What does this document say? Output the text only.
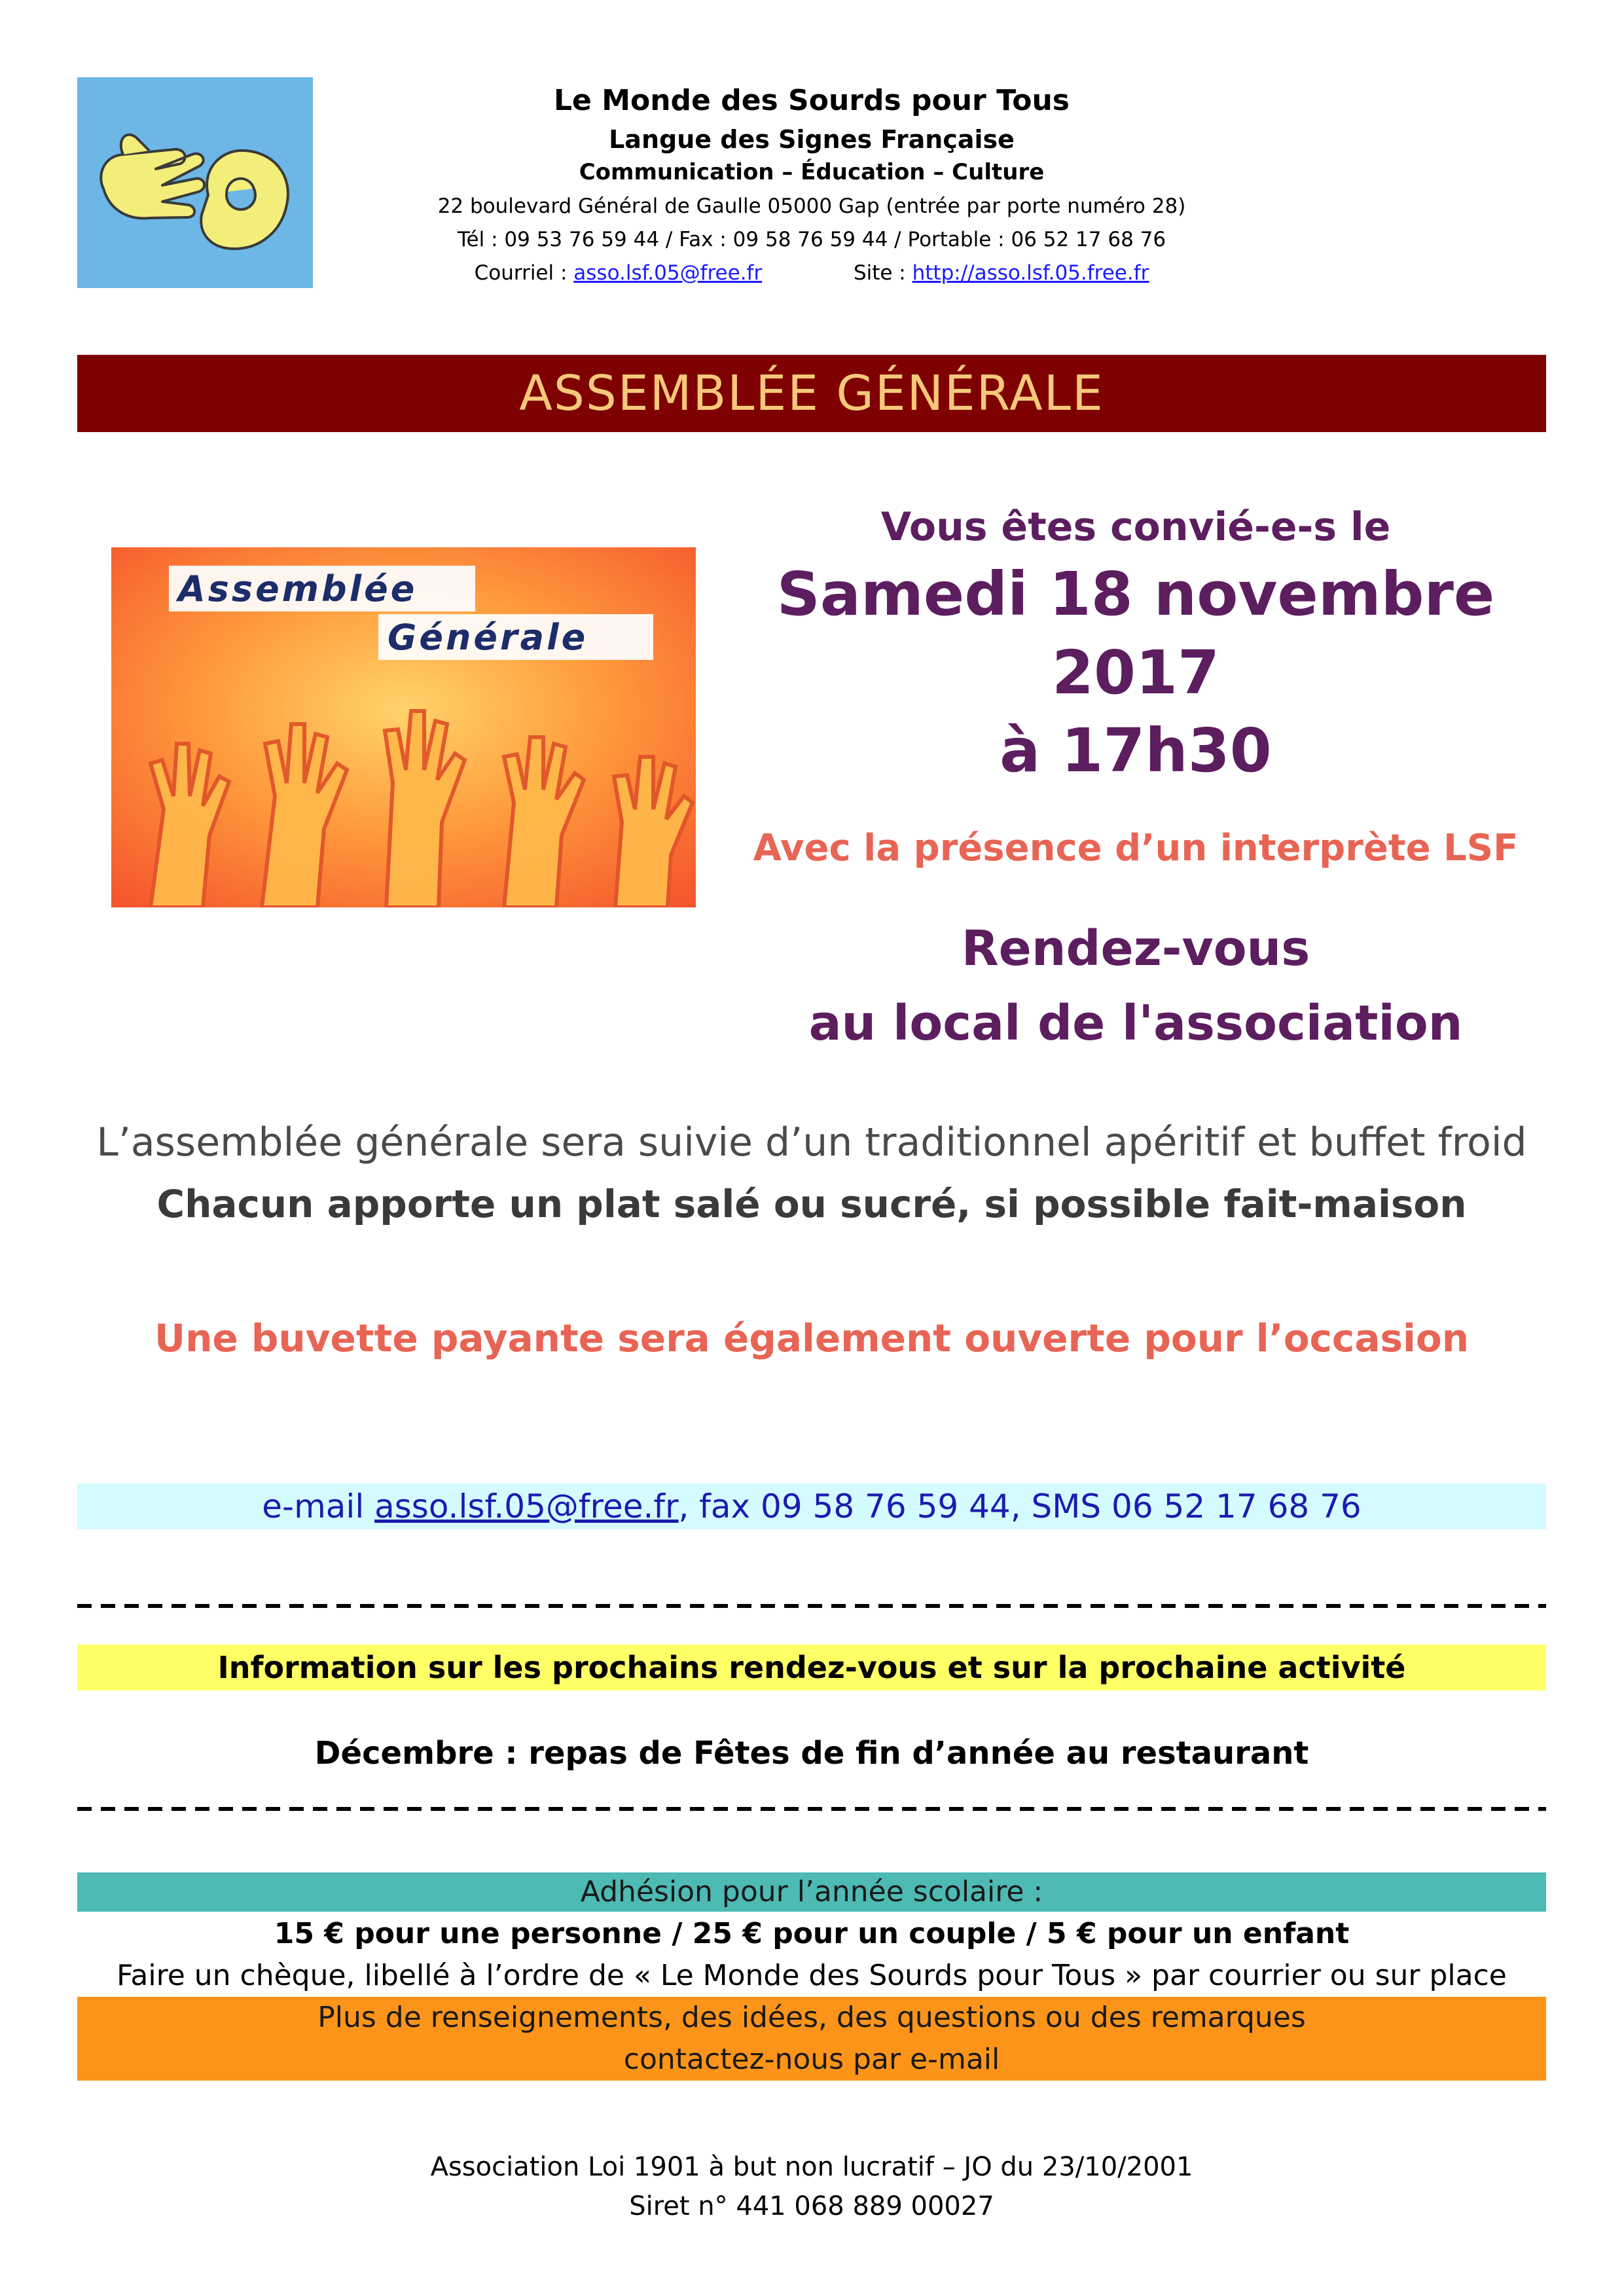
Le Monde des Sourds pour Tous
Langue des Signes Française
Communication – Éducation – Culture
22 boulevard Général de Gaulle 05000 Gap (entrée par porte numéro 28)
Tél : 09 53 76 59 44 / Fax : 09 58 76 59 44 / Portable : 06 52 17 68 76
Courriel : asso.lsf.05@free.fr	Site : http://asso.lsf.05.free.fr
ASSEMBLÉE GÉNÉRALE
Assemblée
Générale
Vous êtes convié-e-s le
Samedi 18 novembre 2017
à 17h30
Avec la présence d’un interprète LSF
Rendez-vous
au local de l'association
L’assemblée générale sera suivie d’un traditionnel apéritif et buffet froid
Chacun apporte un plat salé ou sucré, si possible fait-maison
Une buvette payante sera également ouverte pour l’occasion
e-mail asso.lsf.05@free.fr, fax 09 58 76 59 44, SMS 06 52 17 68 76
Information sur les prochains rendez-vous et sur la prochaine activité
Décembre : repas de Fêtes de fin d’année au restaurant
Adhésion pour l’année scolaire :
15 € pour une personne / 25 € pour un couple / 5 € pour un enfant
Faire un chèque, libellé à l’ordre de « Le Monde des Sourds pour Tous » par courrier ou sur place
Plus de renseignements, des idées, des questions ou des remarques
contactez-nous par e-mail
Association Loi 1901 à but non lucratif – JO du 23/10/2001
Siret n° 441 068 889 00027
